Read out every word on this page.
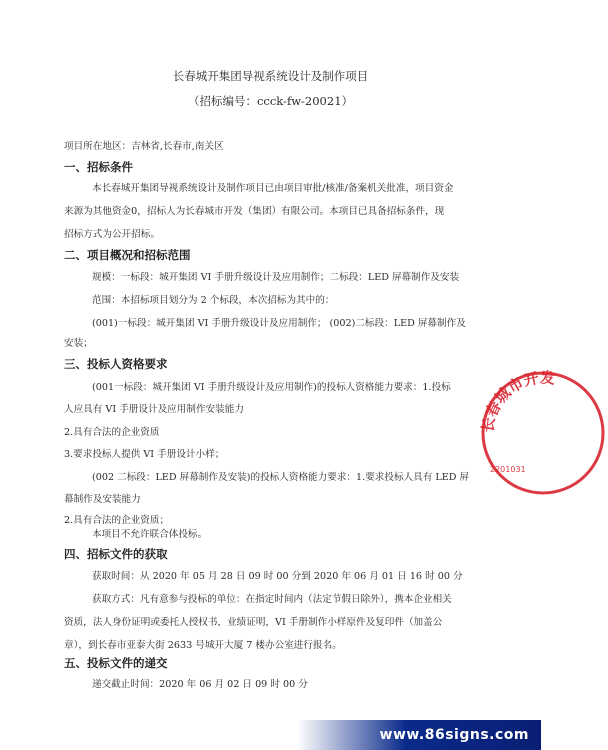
长春城开集团导视系统设计及制作项目
（招标编号：ccck-fw-20021）
项目所在地区：吉林省,长春市,南关区
一、招标条件
本长春城开集团导视系统设计及制作项目已由项目审批/核准/备案机关批准，项目资金
来源为其他资金0，招标人为长春城市开发（集团）有限公司。本项目已具备招标条件，现
招标方式为公开招标。
二、项目概况和招标范围
规模：一标段：城开集团 VI 手册升级设计及应用制作；二标段：LED 屏幕制作及安装
范围：本招标项目划分为 2 个标段，本次招标为其中的：
(001)一标段：城开集团 VI 手册升级设计及应用制作； (002)二标段：LED 屏幕制作及
安装；
三、投标人资格要求
(001一标段：城开集团 VI 手册升级设计及应用制作)的投标人资格能力要求：1.投标
人应具有 VI 手册设计及应用制作安装能力
2.具有合法的企业资质
3.要求投标人提供 VI 手册设计小样；
(002 二标段：LED 屏幕制作及安装)的投标人资格能力要求：1.要求投标人具有 LED 屏
幕制作及安装能力
2.具有合法的企业资质；
本项目不允许联合体投标。
四、招标文件的获取
获取时间：从 2020 年 05 月 28 日 09 时 00 分到 2020 年 06 月 01 日 16 时 00 分
获取方式：凡有意参与投标的单位：在指定时间内（法定节假日除外），携本企业相关
资质，法人身份证明或委托人授权书，业绩证明，VI 手册制作小样原件及复印件（加盖公
章），到长春市亚泰大街 2633 号城开大厦 7 楼办公室进行报名。
五、投标文件的递交
递交截止时间：2020 年 06 月 02 日 09 时 00 分
长春城市开发
2201031
www.86signs.com
